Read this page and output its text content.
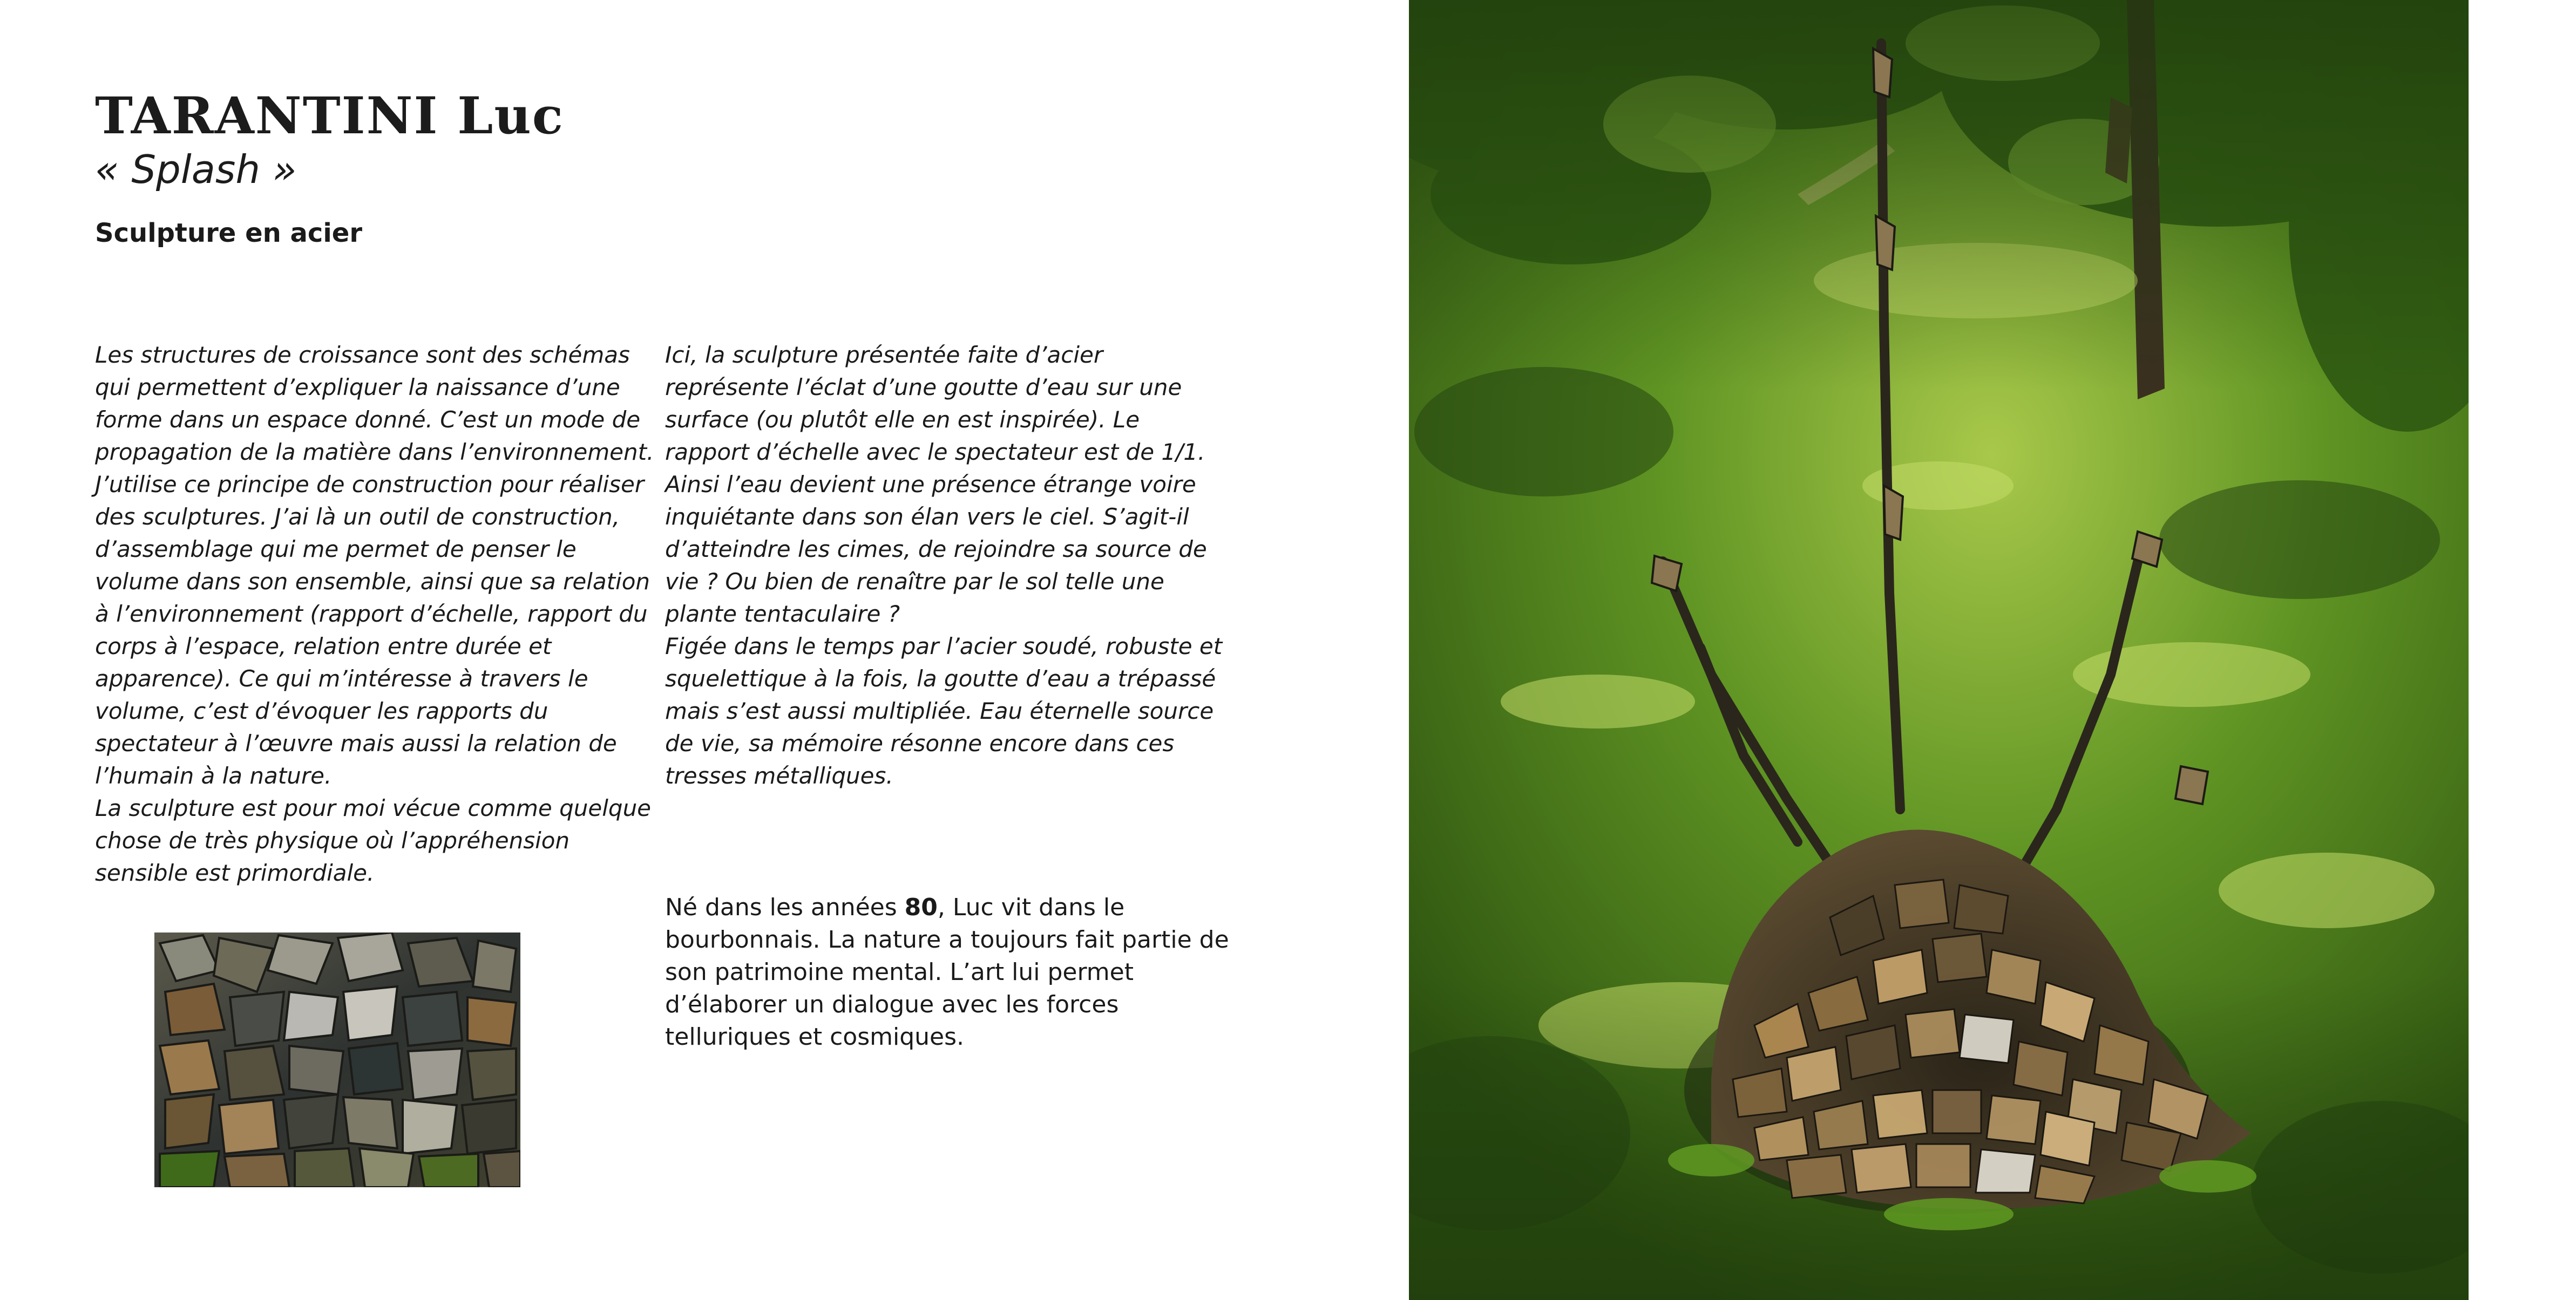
TARANTINI Luc
« Splash »
Sculpture en acier

Les structures de croissance sont des schémas qui permettent d’expliquer la naissance d’une forme dans un espace donné. C’est un mode de propagation de la matière dans l’environnement.

J’utilise ce principe de construction pour réaliser des sculptures. J’ai là un outil de construction, d’assemblage qui me permet de penser le volume dans son ensemble, ainsi que sa relation à l’environnement (rapport d’échelle, rapport du corps à l’espace, relation entre durée et apparence). Ce qui m’intéresse à travers le volume, c’est d’évoquer les rapports du spectateur à l’œuvre mais aussi la relation de l’humain à la nature.

La sculpture est pour moi vécue comme quelque chose de très physique où l’appréhension sensible est primordiale.

Ici, la sculpture présentée faite d’acier représente l’éclat d’une goutte d’eau sur une surface (ou plutôt elle en est inspirée). Le rapport d’échelle avec le spectateur est de 1/1. Ainsi l’eau devient une présence étrange voire inquiétante dans son élan vers le ciel. S’agit-il d’atteindre les cimes, de rejoindre sa source de vie ? Ou bien de renaître par le sol telle une plante tentaculaire ?

Figée dans le temps par l’acier soudé, robuste et squelettique à la fois, la goutte d’eau a trépassé mais s’est aussi multipliée. Eau éternelle source de vie, sa mémoire résonne encore dans ces tresses métalliques.

Né dans les années 80, Luc vit dans le bourbonnais. La nature a toujours fait partie de son patrimoine mental. L’art lui permet d’élaborer un dialogue avec les forces telluriques et cosmiques.
